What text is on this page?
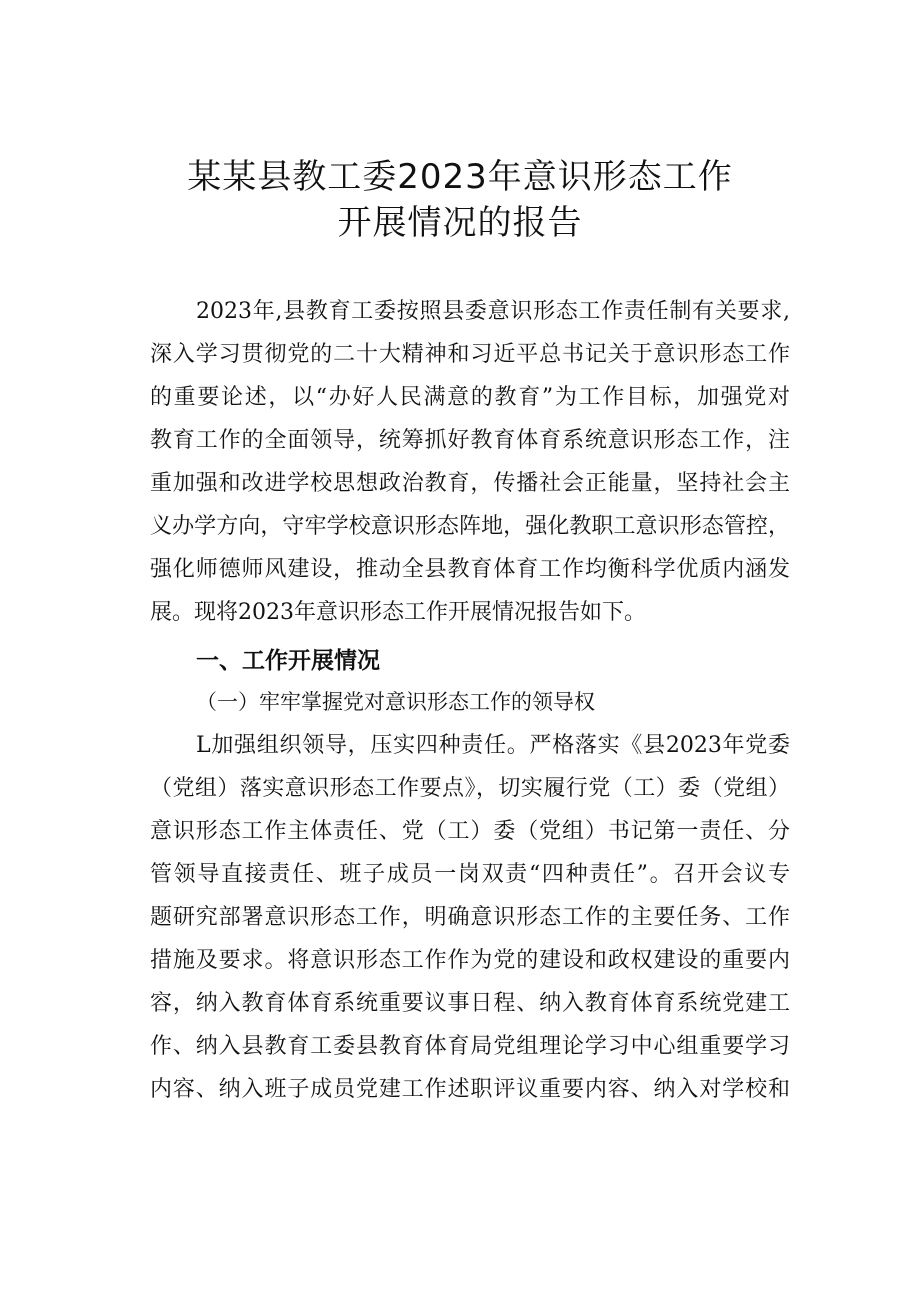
某某县教工委2023年意识形态工作
开展情况的报告
2023年,县教育工委按照县委意识形态工作责任制有关要求,
深入学习贯彻党的二十大精神和习近平总书记关于意识形态工作
的重要论述，以“办好人民满意的教育”为工作目标，加强党对
教育工作的全面领导，统筹抓好教育体育系统意识形态工作，注
重加强和改进学校思想政治教育，传播社会正能量，坚持社会主
义办学方向，守牢学校意识形态阵地，强化教职工意识形态管控，
强化师德师风建设，推动全县教育体育工作均衡科学优质内涵发
展。现将2023年意识形态工作开展情况报告如下。
一、工作开展情况
（一）牢牢掌握党对意识形态工作的领导权
L加强组织领导，压实四种责任。严格落实《县2023年党委
（党组）落实意识形态工作要点》，切实履行党（工）委（党组）
意识形态工作主体责任、党（工）委（党组）书记第一责任、分
管领导直接责任、班子成员一岗双责“四种责任”。召开会议专
题研究部署意识形态工作，明确意识形态工作的主要任务、工作
措施及要求。将意识形态工作作为党的建设和政权建设的重要内
容，纳入教育体育系统重要议事日程、纳入教育体育系统党建工
作、纳入县教育工委县教育体育局党组理论学习中心组重要学习
内容、纳入班子成员党建工作述职评议重要内容、纳入对学校和
